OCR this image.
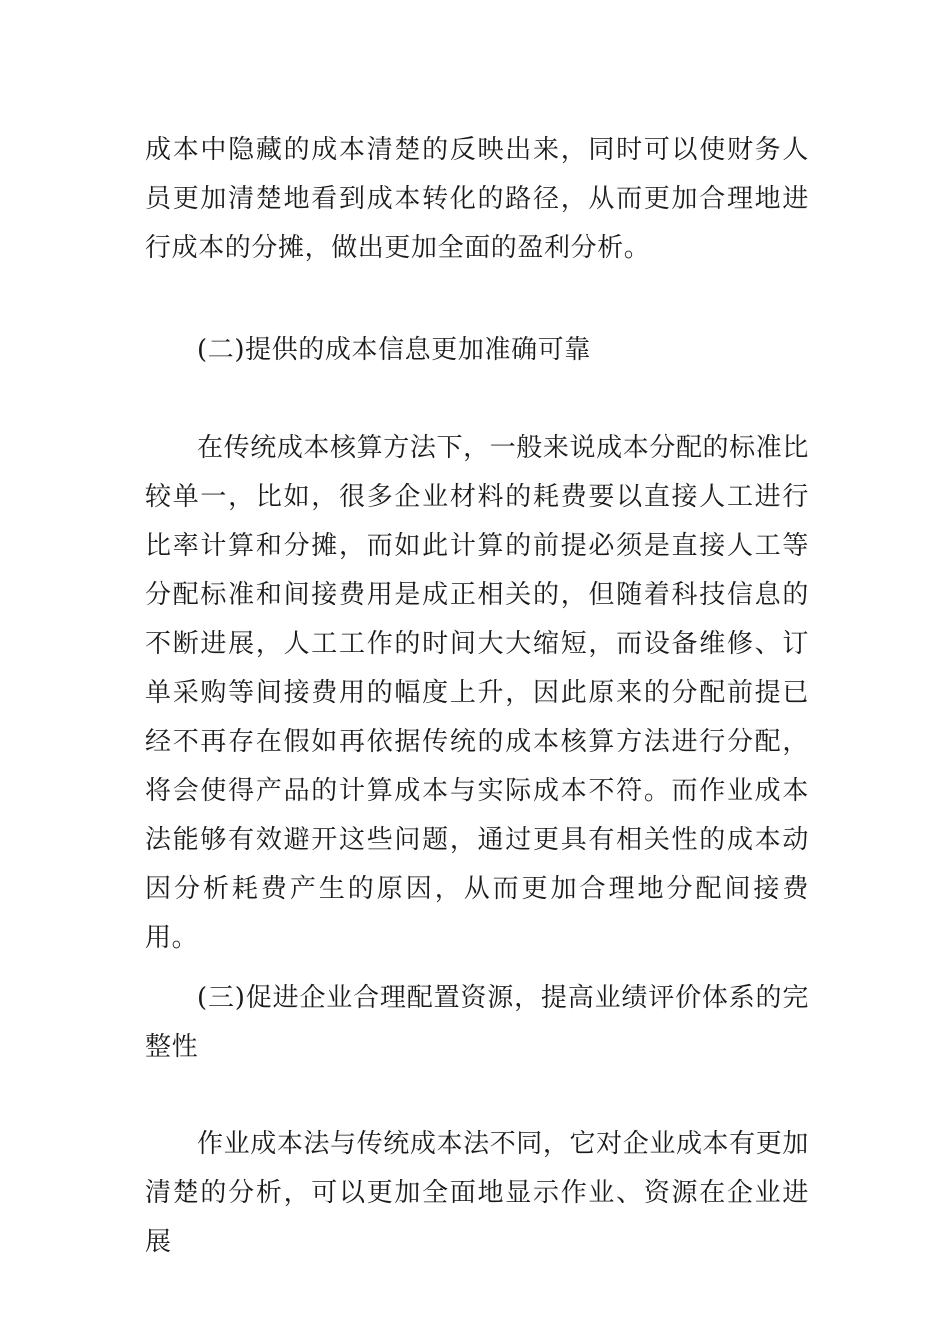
成本中隐藏的成本清楚的反映出来，同时可以使财务人员更加清楚地看到成本转化的路径，从而更加合理地进行成本的分摊，做出更加全面的盈利分析。

(二)提供的成本信息更加准确可靠

在传统成本核算方法下，一般来说成本分配的标准比较单一，比如，很多企业材料的耗费要以直接人工进行比率计算和分摊，而如此计算的前提必须是直接人工等分配标准和间接费用是成正相关的，但随着科技信息的不断进展，人工工作的时间大大缩短，而设备维修、订单采购等间接费用的幅度上升，因此原来的分配前提已经不再存在假如再依据传统的成本核算方法进行分配，将会使得产品的计算成本与实际成本不符。而作业成本法能够有效避开这些问题，通过更具有相关性的成本动因分析耗费产生的原因，从而更加合理地分配间接费用。

(三)促进企业合理配置资源，提高业绩评价体系的完整性

作业成本法与传统成本法不同，它对企业成本有更加清楚的分析，可以更加全面地显示作业、资源在企业进展
